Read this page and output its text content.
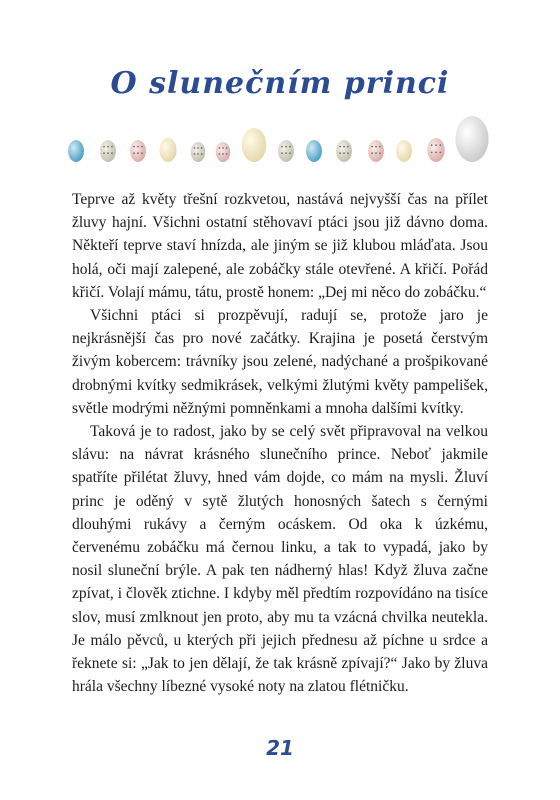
O slunečním princi

Teprve až květy třešní rozkvetou, nastává nejvyšší čas na přílet žluvy hajní. Všichni ostatní stěhovaví ptáci jsou již dávno doma. Někteří teprve staví hnízda, ale jiným se již klubou mláďata. Jsou holá, oči mají zalepené, ale zobáčky stále otevřené. A křičí. Pořád křičí. Volají mámu, tátu, prostě honem: „Dej mi něco do zobáčku.“

Všichni ptáci si prozpěvují, radují se, protože jaro je nejkrásnější čas pro nové začátky. Krajina je posetá čerstvým živým kobercem: trávníky jsou zelené, nadýchané a prošpikované drobnými kvítky sedmikrásek, velkými žlutými květy pampelišek, světle modrými něžnými pomněnkami a mnoha dalšími kvítky.

Taková je to radost, jako by se celý svět připravoval na velkou slávu: na návrat krásného slunečního prince. Neboť jakmile spatříte přilétat žluvy, hned vám dojde, co mám na mysli. Žluví princ je oděný v sytě žlutých honosných šatech s černými dlouhými rukávy a černým ocáskem. Od oka k úzkému, červenému zobáčku má černou linku, a tak to vypadá, jako by nosil sluneční brýle. A pak ten nádherný hlas! Když žluva začne zpívat, i člověk ztichne. I kdyby měl předtím rozpovídáno na tisíce slov, musí zmlknout jen proto, aby mu ta vzácná chvilka neutekla. Je málo pěvců, u kterých při jejich přednesu až píchne u srdce a řeknete si: „Jak to jen dělají, že tak krásně zpívají?“ Jako by žluva hrála všechny líbezné vysoké noty na zlatou flétničku.

21
